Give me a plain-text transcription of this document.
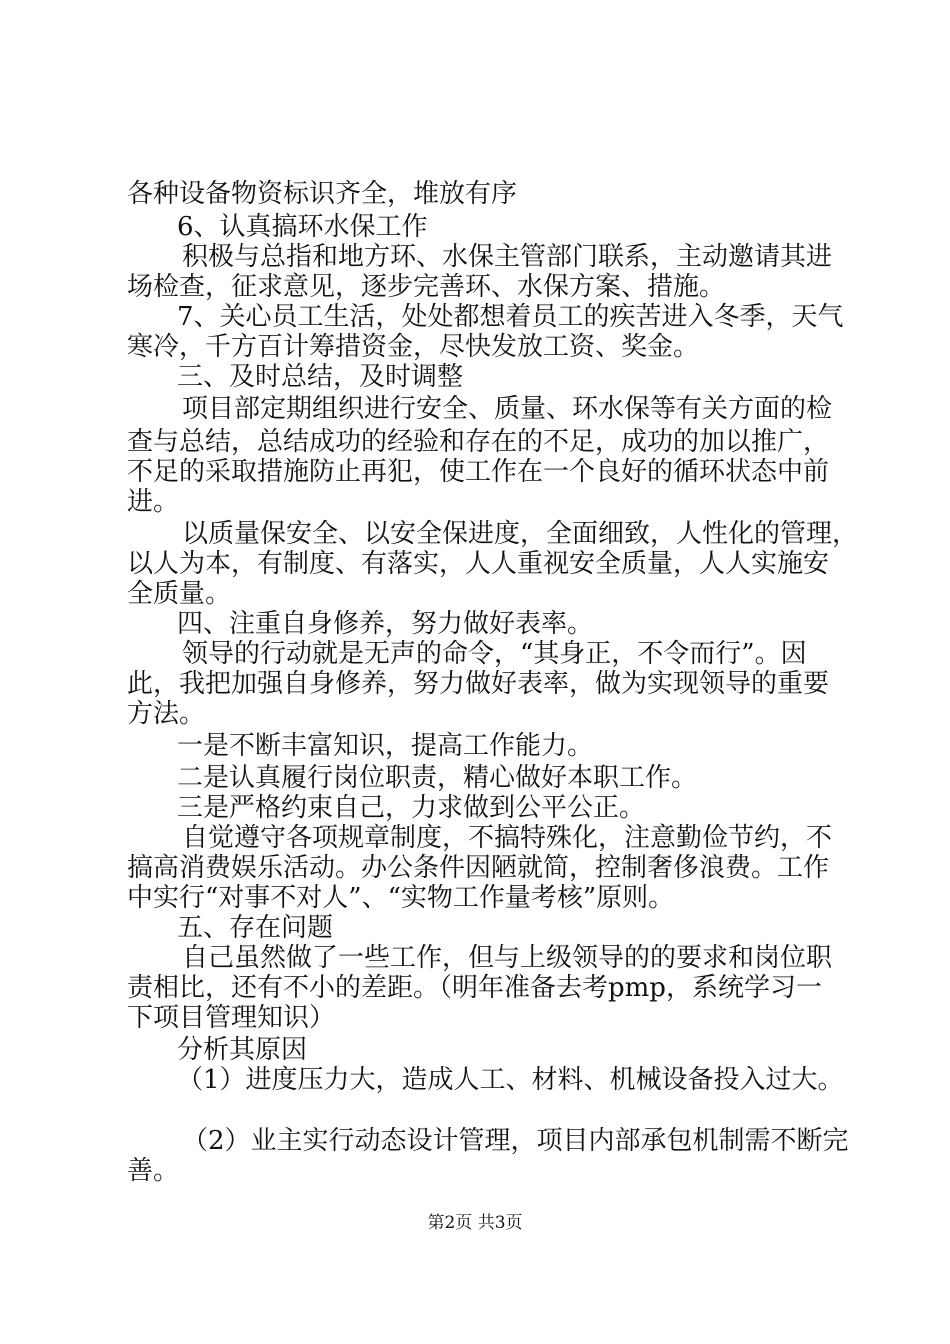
各种设备物资标识齐全，堆放有序
6、认真搞环水保工作
积极与总指和地方环、水保主管部门联系，主动邀请其进
场检查，征求意见，逐步完善环、水保方案、措施。
7、关心员工生活，处处都想着员工的疾苦进入冬季，天气
寒冷，千方百计筹措资金，尽快发放工资、奖金。
三、及时总结，及时调整
项目部定期组织进行安全、质量、环水保等有关方面的检
查与总结，总结成功的经验和存在的不足，成功的加以推广，
不足的采取措施防止再犯，使工作在一个良好的循环状态中前
进。
以质量保安全、以安全保进度，全面细致，人性化的管理，
以人为本，有制度、有落实，人人重视安全质量，人人实施安
全质量。
四、注重自身修养，努力做好表率。
领导的行动就是无声的命令，“其身正，不令而行”。因
此，我把加强自身修养，努力做好表率，做为实现领导的重要
方法。
一是不断丰富知识，提高工作能力。
二是认真履行岗位职责，精心做好本职工作。
三是严格约束自己，力求做到公平公正。
自觉遵守各项规章制度，不搞特殊化，注意勤俭节约，不
搞高消费娱乐活动。办公条件因陋就简，控制奢侈浪费。工作
中实行“对事不对人”、“实物工作量考核”原则。
五、存在问题
自己虽然做了一些工作，但与上级领导的的要求和岗位职
责相比，还有不小的差距。（明年准备去考pmp，系统学习一
下项目管理知识）
分析其原因
（1）进度压力大，造成人工、材料、机械设备投入过大。
（2）业主实行动态设计管理，项目内部承包机制需不断完
善。
第2页 共3页
